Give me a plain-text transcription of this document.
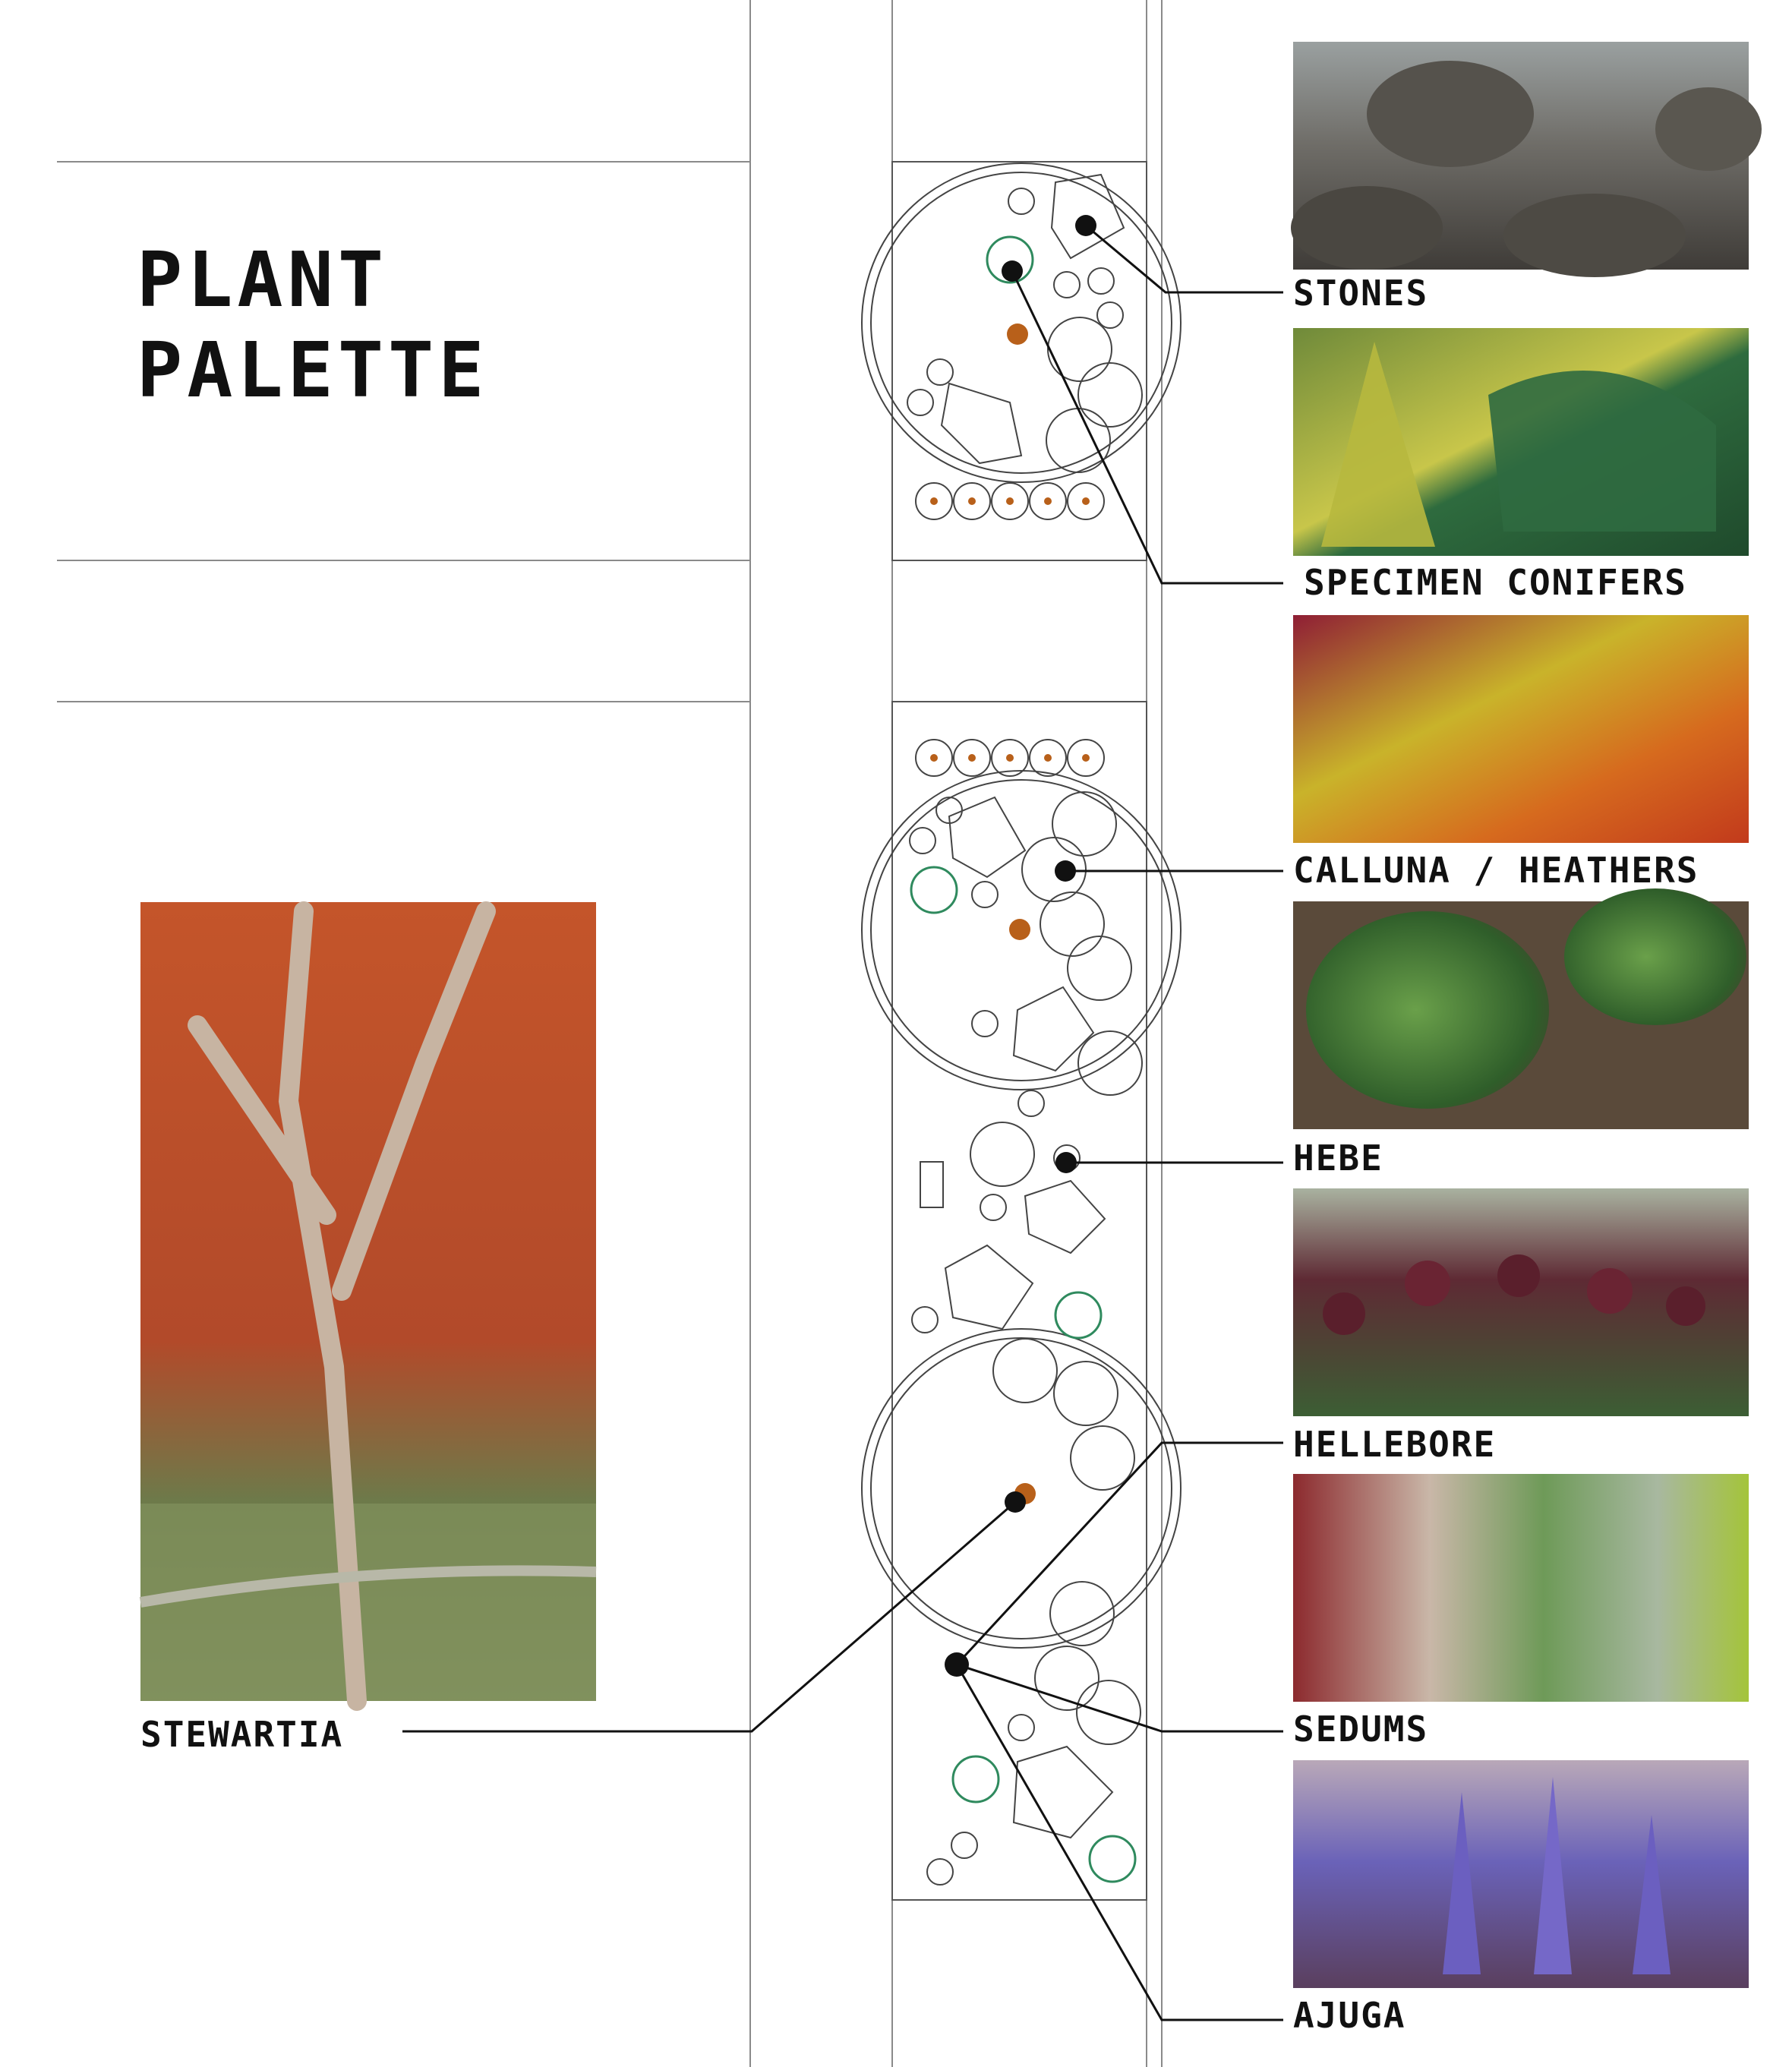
PLANT
PALETTE
STEWARTIA
STONES
SPECIMEN CONIFERS
CALLUNA / HEATHERS
HEBE
HELLEBORE
SEDUMS
AJUGA
